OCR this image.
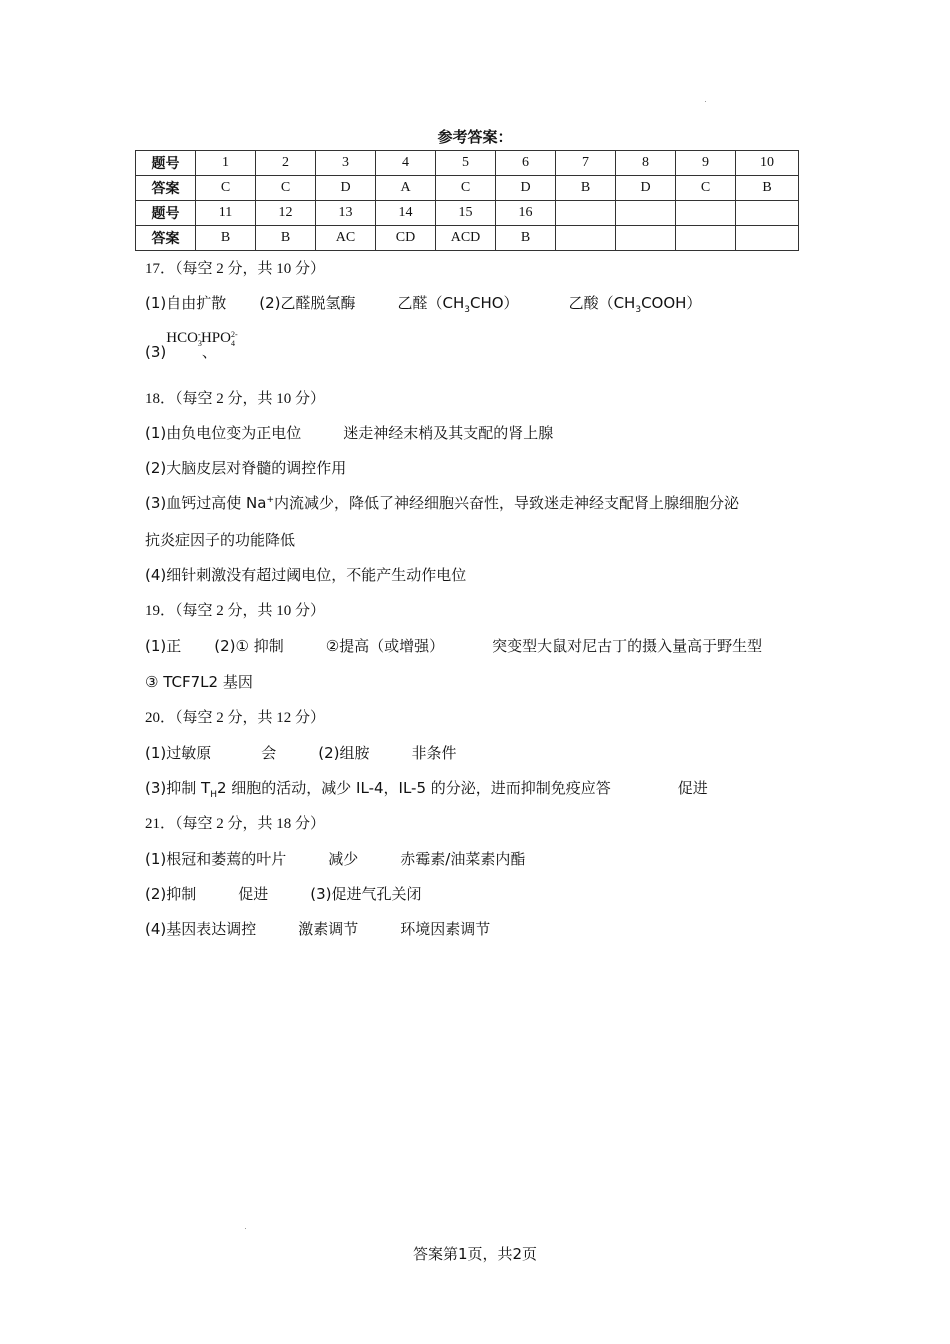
参考答案：
题号	1	2	3	4	5	6	7	8	9	10
答案	C	C	D	A	C	D	B	D	C	B
题号	11	12	13	14	15	16				
答案	B	B	AC	CD	ACD	B				
17．（每空 2 分，共 10 分）
(1)自由扩散 (2)乙醛脱氢酶	乙醛$(CH_3CHO)$	乙酸$(CH_3COOH)$
(3)HCO -
3 、HPO 2-
4
18．（每空 2 分，共 10 分）
(1)由负电位变为正电位	迷走神经末梢及其支配的肾上腺
(2)大脑皮层对脊髓的调控作用
(3)血钙过高使 Na+内流减少，降低了神经细胞兴奋性，导致迷走神经支配肾上腺细胞分泌
抗炎症因子的功能降低
(4)细针刺激没有超过阈电位，不能产生动作电位
19．（每空 2 分，共 10 分）
(1)正 (2)① 抑制	②提高（或增强）	突变型大鼠对尼古丁的摄入量高于野生型
③ TCF7L2 基因
20．（每空 2 分，共 12 分）
(1)过敏原	会	(2)组胺	非条件
(3)抑制 $T_H2$ 细胞的活动，减少 IL-4，IL-5 的分泌，进而抑制免疫应答	促进
21．（每空 2 分，共 18 分）
(1)根冠和萎蔫的叶片	减少	赤霉素/油菜素内酯
(2)抑制	促进	(3)促进气孔关闭
(4)基因表达调控	激素调节	环境因素调节
答案第1页，共2页
